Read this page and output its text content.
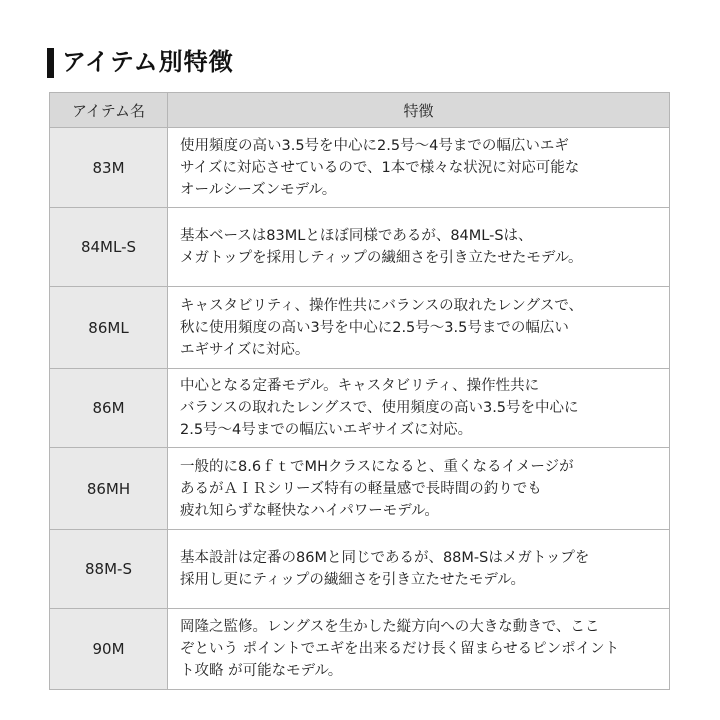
アイテム別特徴
アイテム名	特徴
83M	使用頻度の高い3.5号を中心に2.5号〜4号までの幅広いエギ
サイズに対応させているので、1本で様々な状況に対応可能な
オールシーズンモデル。

84ML-S	基本ベースは83MLとほぼ同様であるが、84ML-Sは、
メガトップを採用しティップの繊細さを引き立たせたモデル。

86ML	キャスタビリティ、操作性共にバランスの取れたレングスで、
秋に使用頻度の高い3号を中心に2.5号〜3.5号までの幅広い
エギサイズに対応。

86M	中心となる定番モデル。キャスタビリティ、操作性共に
バランスの取れたレングスで、使用頻度の高い3.5号を中心に
2.5号〜4号までの幅広いエギサイズに対応。

86MH	一般的に8.6ｆｔでMHクラスになると、重くなるイメージが
あるがＡＩＲシリーズ特有の軽量感で長時間の釣りでも
疲れ知らずな軽快なハイパワーモデル。

88M-S	基本設計は定番の86Mと同じであるが、88M-Sはメガトップを
採用し更にティップの繊細さを引き立たせたモデル。

90M	岡隆之監修。レングスを生かした縦方向への大きな動きで、ここ
ぞという ポイントでエギを出来るだけ長く留まらせるピンポイント
ト攻略 が可能なモデル。
